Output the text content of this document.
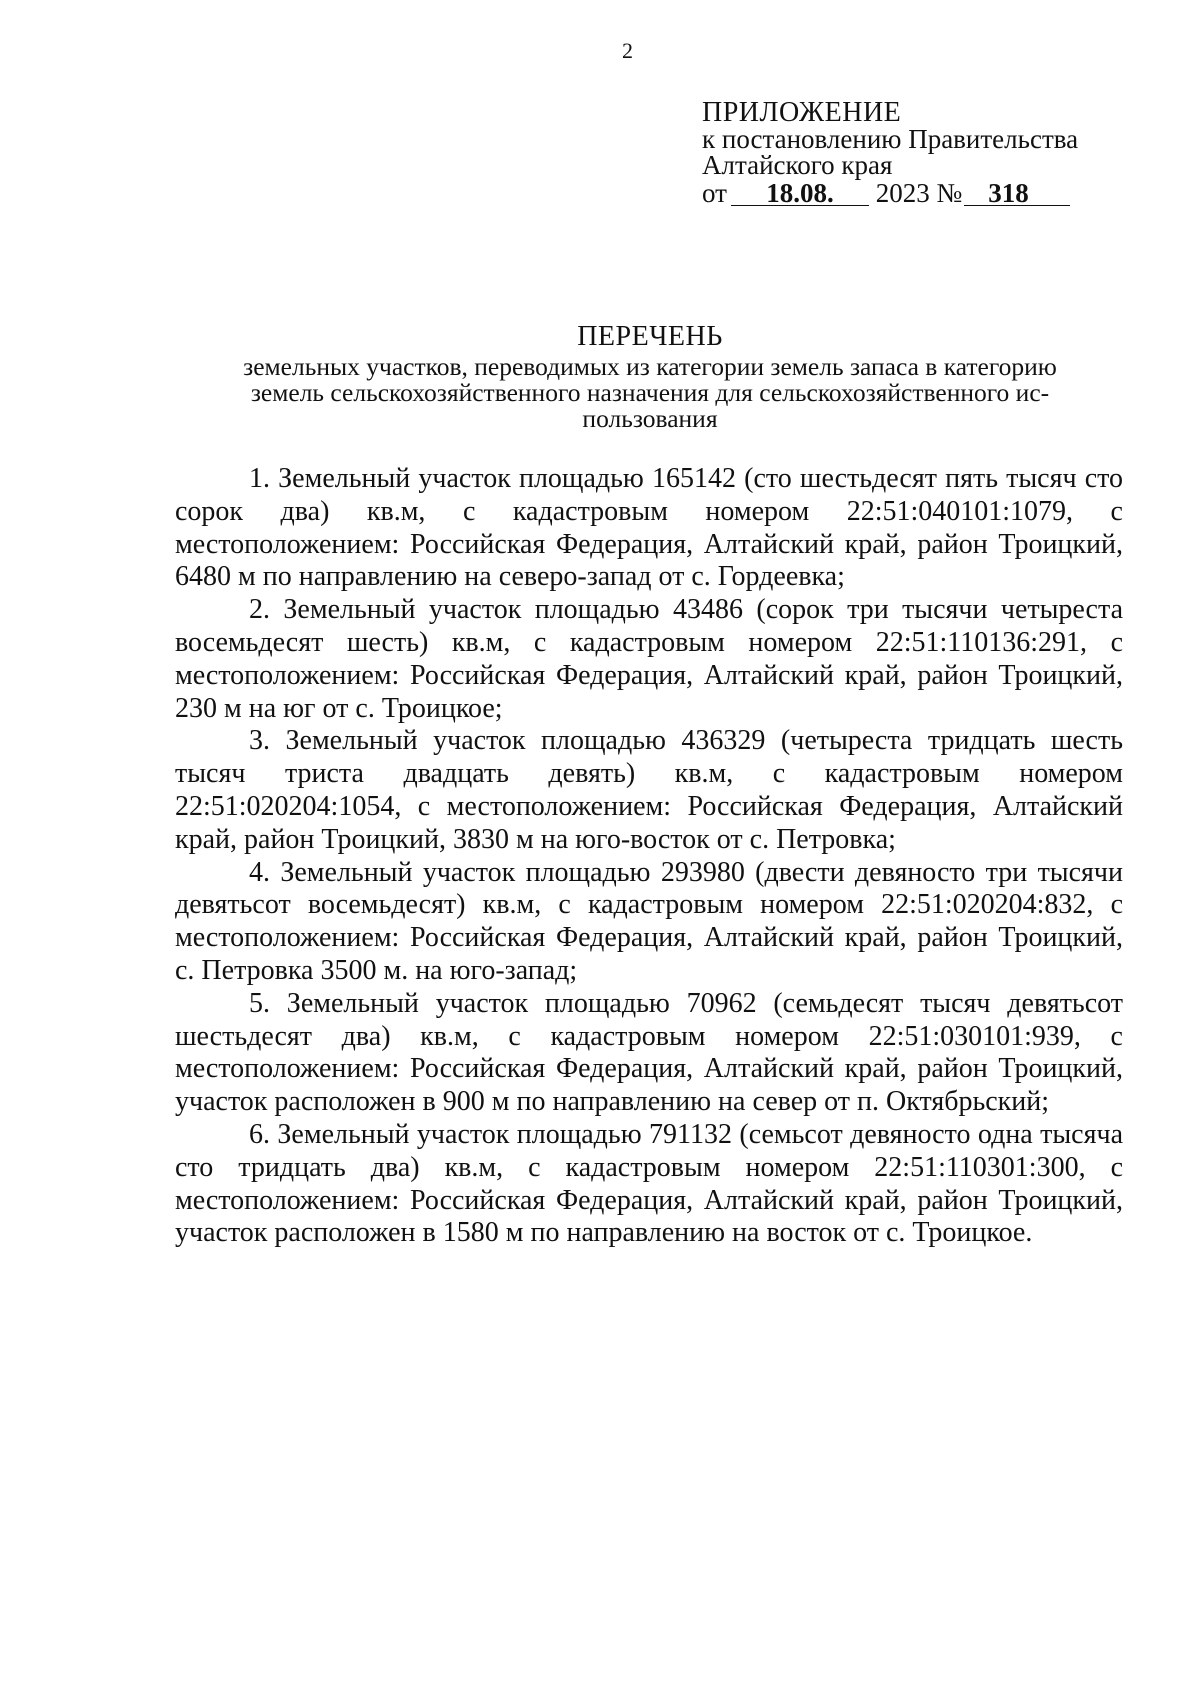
2
ПРИЛОЖЕНИЕ
к постановлению Правительства
Алтайского края
от 18.08. 2023 № 318
ПЕРЕЧЕНЬ
земельных участков, переводимых из категории земель запаса в категорию
земель сельскохозяйственного назначения для сельскохозяйственного ис-
пользования

1. Земельный участок площадью 165142 (сто шестьдесят пять тысяч сто сорок два) кв.м, с кадастровым номером 22:51:040101:1079, с местоположением: Российская Федерация, Алтайский край, район Троицкий, 6480 м по направлению на северо-запад от с. Гордеевка;

2. Земельный участок площадью 43486 (сорок три тысячи четыреста восемьдесят шесть) кв.м, с кадастровым номером 22:51:110136:291, с местоположением: Российская Федерация, Алтайский край, район Троицкий, 230 м на юг от с. Троицкое;

3. Земельный участок площадью 436329 (четыреста тридцать шесть тысяч триста двадцать девять) кв.м, с кадастровым номером 22:51:020204:1054, с местоположением: Российская Федерация, Алтайский край, район Троицкий, 3830 м на юго-восток от с. Петровка;

4. Земельный участок площадью 293980 (двести девяносто три тысячи девятьсот восемьдесят) кв.м, с кадастровым номером 22:51:020204:832, с местоположением: Российская Федерация, Алтайский край, район Троицкий, с. Петровка 3500 м. на юго-запад;

5. Земельный участок площадью 70962 (семьдесят тысяч девятьсот шестьдесят два) кв.м, с кадастровым номером 22:51:030101:939, с местоположением: Российская Федерация, Алтайский край, район Троицкий, участок расположен в 900 м по направлению на север от п. Октябрьский;

6. Земельный участок площадью 791132 (семьсот девяносто одна тысяча сто тридцать два) кв.м, с кадастровым номером 22:51:110301:300, с местоположением: Российская Федерация, Алтайский край, район Троицкий, участок расположен в 1580 м по направлению на восток от с. Троицкое.
